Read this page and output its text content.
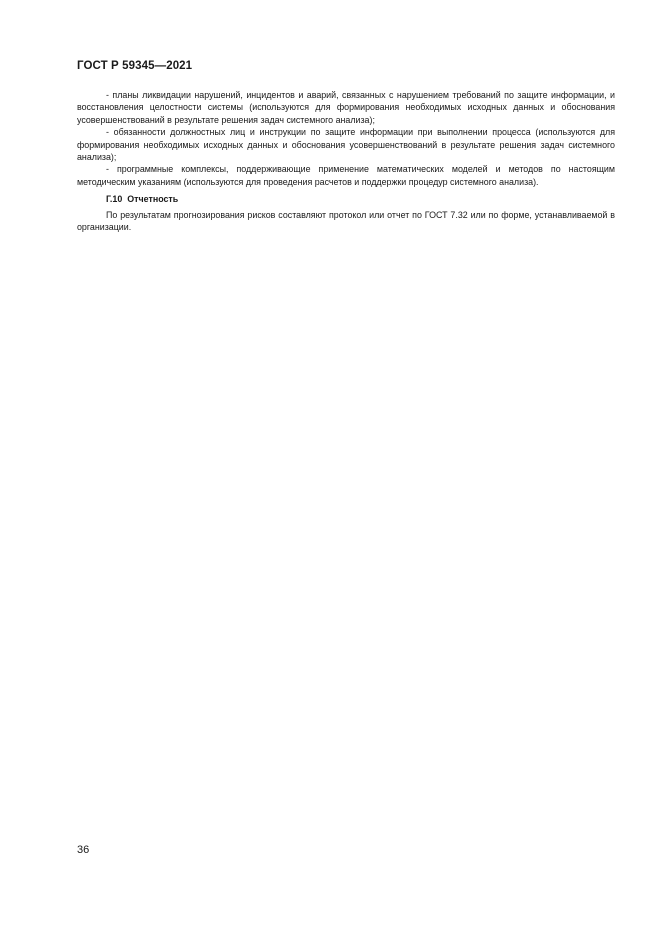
ГОСТ Р 59345—2021

- планы ликвидации нарушений, инцидентов и аварий, связанных с нарушением требований по защите информации, и восстановления целостности системы (используются для формирования необходимых исходных данных и обоснования усовершенствований в результате решения задач системного анализа);

- обязанности должностных лиц и инструкции по защите информации при выполнении процесса (используются для формирования необходимых исходных данных и обоснования усовершенствований в результате решения задач системного анализа);

- программные комплексы, поддерживающие применение математических моделей и методов по настоящим методическим указаниям (используются для проведения расчетов и поддержки процедур системного анализа).

Г.10 Отчетность

По результатам прогнозирования рисков составляют протокол или отчет по ГОСТ 7.32 или по форме, устанавливаемой в организации.

36
